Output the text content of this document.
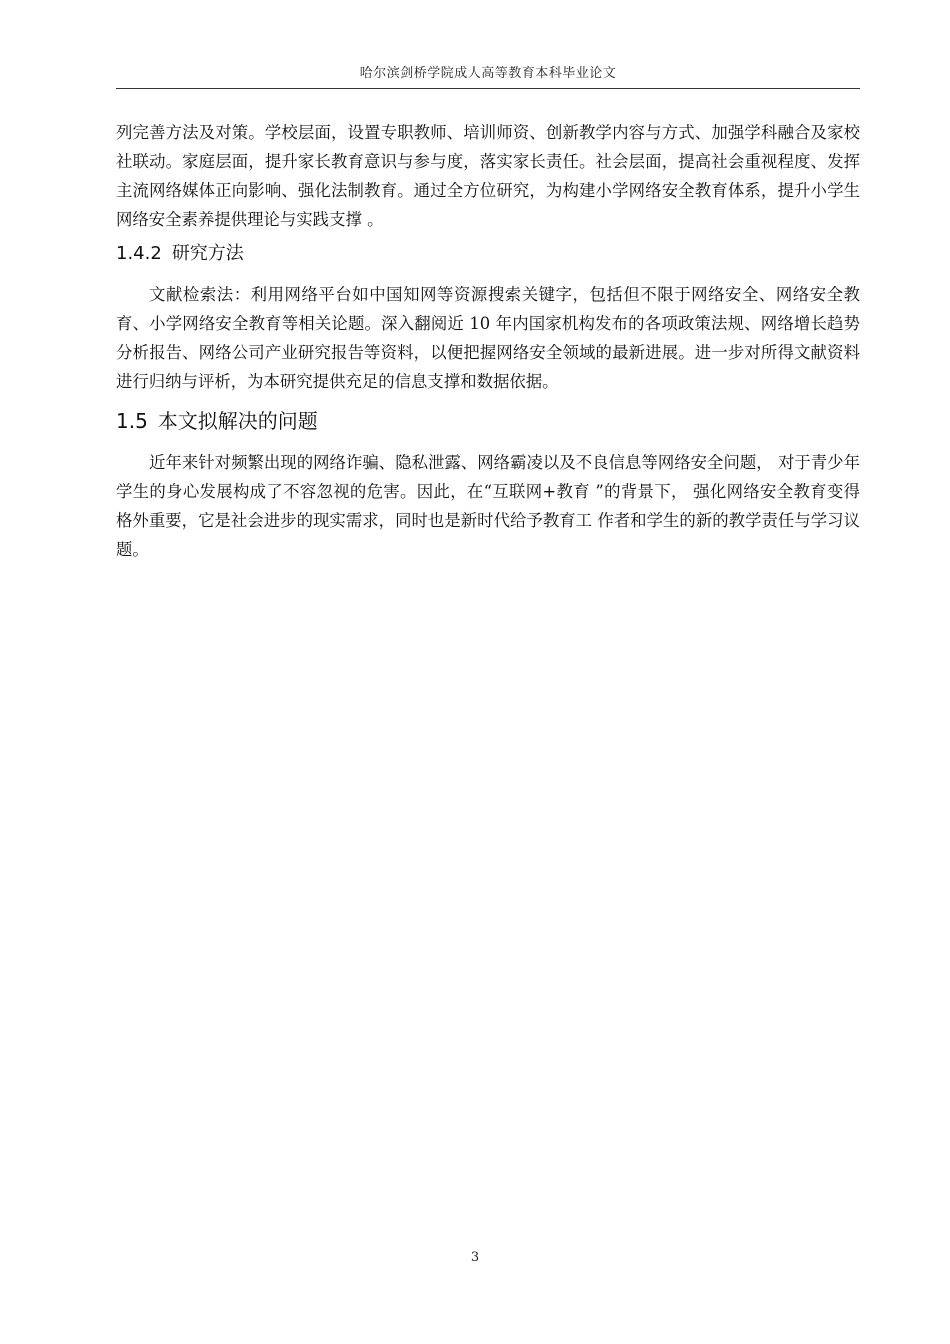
哈尔滨剑桥学院成人高等教育本科毕业论文

列完善方法及对策。学校层面，设置专职教师、培训师资、创新教学内容与方式、加强学科融合及家校社联动。家庭层面，提升家长教育意识与参与度，落实家长责任。社会层面，提高社会重视程度、发挥主流网络媒体正向影响、强化法制教育。通过全方位研究，为构建小学网络安全教育体系，提升小学生网络安全素养提供理论与实践支撑 。

1.4.2 研究方法

文献检索法：利用网络平台如中国知网等资源搜索关键字，包括但不限于网络安全、网络安全教育、小学网络安全教育等相关论题。深入翻阅近 10 年内国家机构发布的各项政策法规、网络增长趋势分析报告、网络公司产业研究报告等资料，以便把握网络安全领域的最新进展。进一步对所得文献资料进行归纳与评析，为本研究提供充足的信息支撑和数据依据。

1.5 本文拟解决的问题

近年来针对频繁出现的网络诈骗、隐私泄露、网络霸凌以及不良信息等网络安全问题， 对于青少年学生的身心发展构成了不容忽视的危害。因此，在“互联网+教育 ”的背景下， 强化网络安全教育变得格外重要，它是社会进步的现实需求，同时也是新时代给予教育工 作者和学生的新的教学责任与学习议题。

3
